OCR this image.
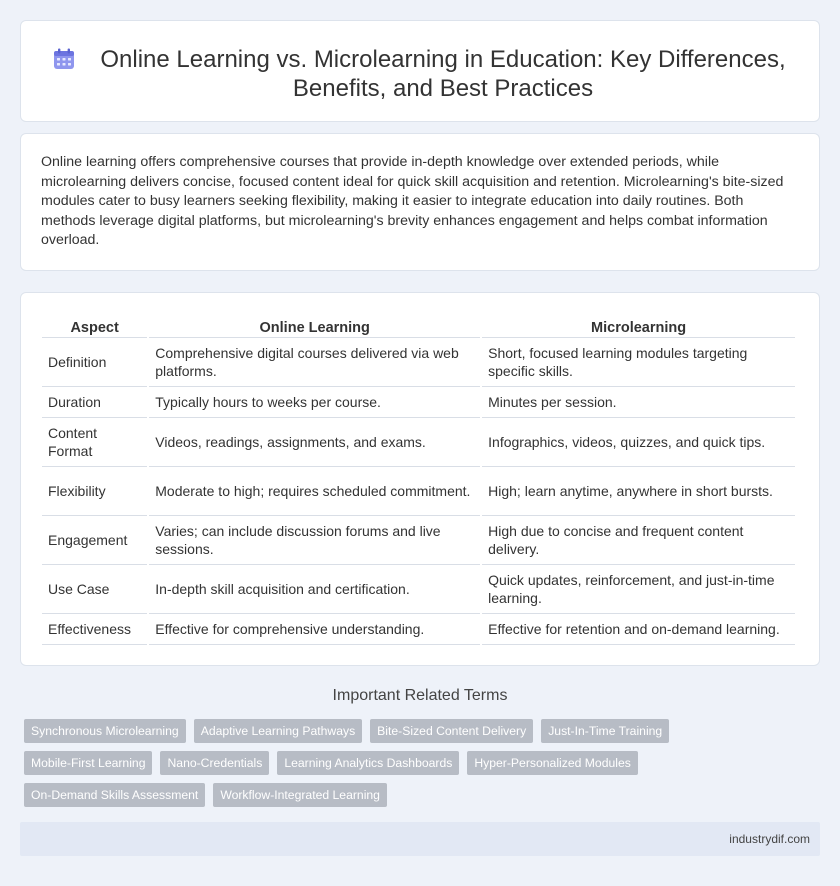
Online Learning vs. Microlearning in Education: Key Differences, Benefits, and Best Practices

Online learning offers comprehensive courses that provide in-depth knowledge over extended periods, while microlearning delivers concise, focused content ideal for quick skill acquisition and retention. Microlearning's bite-sized modules cater to busy learners seeking flexibility, making it easier to integrate education into daily routines. Both methods leverage digital platforms, but microlearning's brevity enhances engagement and helps combat information overload.

Aspect	Online Learning	Microlearning
Definition	Comprehensive digital courses delivered via web platforms.	Short, focused learning modules targeting specific skills.
Duration	Typically hours to weeks per course.	Minutes per session.
Content Format	Videos, readings, assignments, and exams.	Infographics, videos, quizzes, and quick tips.
Flexibility	Moderate to high; requires scheduled commitment.	High; learn anytime, anywhere in short bursts.
Engagement	Varies; can include discussion forums and live sessions.	High due to concise and frequent content delivery.
Use Case	In-depth skill acquisition and certification.	Quick updates, reinforcement, and just-in-time learning.
Effectiveness	Effective for comprehensive understanding.	Effective for retention and on-demand learning.
Important Related Terms
Synchronous Microlearning	Adaptive Learning Pathways	Bite-Sized Content Delivery	Just-In-Time Training
Mobile-First Learning	Nano-Credentials	Learning Analytics Dashboards	Hyper-Personalized Modules
On-Demand Skills Assessment	Workflow-Integrated Learning
industrydif.com
